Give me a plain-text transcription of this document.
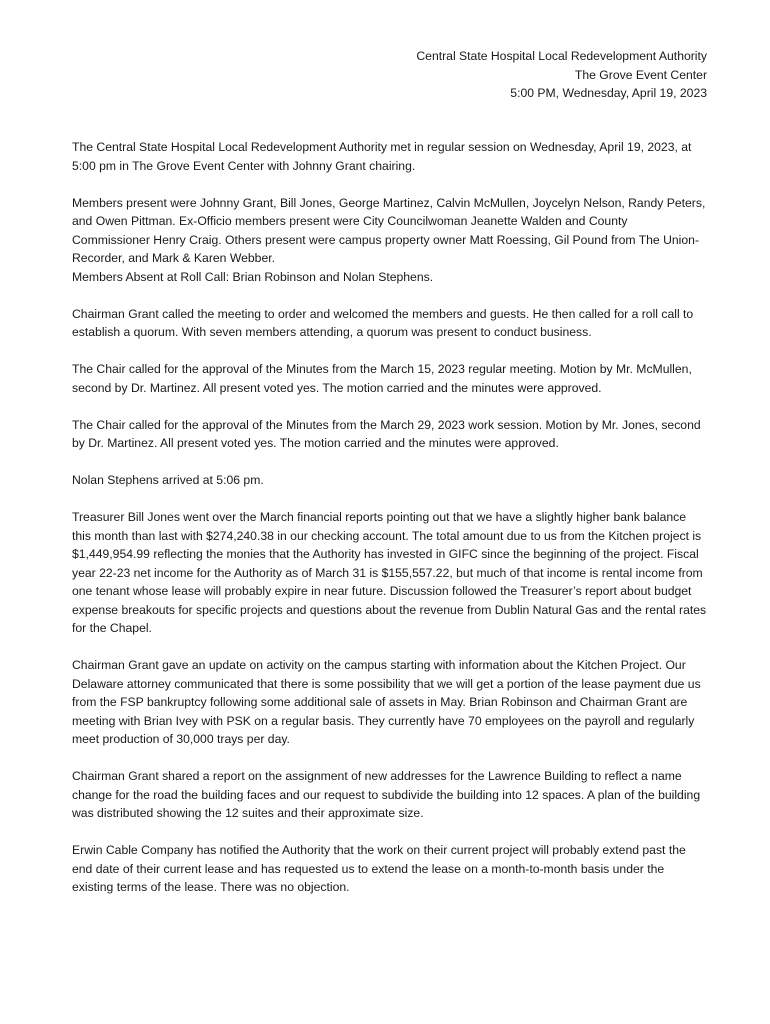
Central State Hospital Local Redevelopment Authority
The Grove Event Center
5:00 PM, Wednesday, April 19, 2023

The Central State Hospital Local Redevelopment Authority met in regular session on Wednesday, April 19, 2023, at 5:00 pm in The Grove Event Center with Johnny Grant chairing.

Members present were Johnny Grant, Bill Jones, George Martinez, Calvin McMullen, Joycelyn Nelson, Randy Peters, and Owen Pittman. Ex-Officio members present were City Councilwoman Jeanette Walden and County Commissioner Henry Craig. Others present were campus property owner Matt Roessing, Gil Pound from The Union-Recorder, and Mark & Karen Webber.

Members Absent at Roll Call: Brian Robinson and Nolan Stephens.

Chairman Grant called the meeting to order and welcomed the members and guests. He then called for a roll call to establish a quorum. With seven members attending, a quorum was present to conduct business.

The Chair called for the approval of the Minutes from the March 15, 2023 regular meeting. Motion by Mr. McMullen, second by Dr. Martinez. All present voted yes. The motion carried and the minutes were approved.

The Chair called for the approval of the Minutes from the March 29, 2023 work session. Motion by Mr. Jones, second by Dr. Martinez. All present voted yes. The motion carried and the minutes were approved.

Nolan Stephens arrived at 5:06 pm.

Treasurer Bill Jones went over the March financial reports pointing out that we have a slightly higher bank balance this month than last with $274,240.38 in our checking account. The total amount due to us from the Kitchen project is $1,449,954.99 reflecting the monies that the Authority has invested in GIFC since the beginning of the project. Fiscal year 22-23 net income for the Authority as of March 31 is $155,557.22, but much of that income is rental income from one tenant whose lease will probably expire in near future. Discussion followed the Treasurer’s report about budget expense breakouts for specific projects and questions about the revenue from Dublin Natural Gas and the rental rates for the Chapel.

Chairman Grant gave an update on activity on the campus starting with information about the Kitchen Project. Our Delaware attorney communicated that there is some possibility that we will get a portion of the lease payment due us from the FSP bankruptcy following some additional sale of assets in May. Brian Robinson and Chairman Grant are meeting with Brian Ivey with PSK on a regular basis. They currently have 70 employees on the payroll and regularly meet production of 30,000 trays per day.

Chairman Grant shared a report on the assignment of new addresses for the Lawrence Building to reflect a name change for the road the building faces and our request to subdivide the building into 12 spaces. A plan of the building was distributed showing the 12 suites and their approximate size.

Erwin Cable Company has notified the Authority that the work on their current project will probably extend past the end date of their current lease and has requested us to extend the lease on a month-to-month basis under the existing terms of the lease. There was no objection.
